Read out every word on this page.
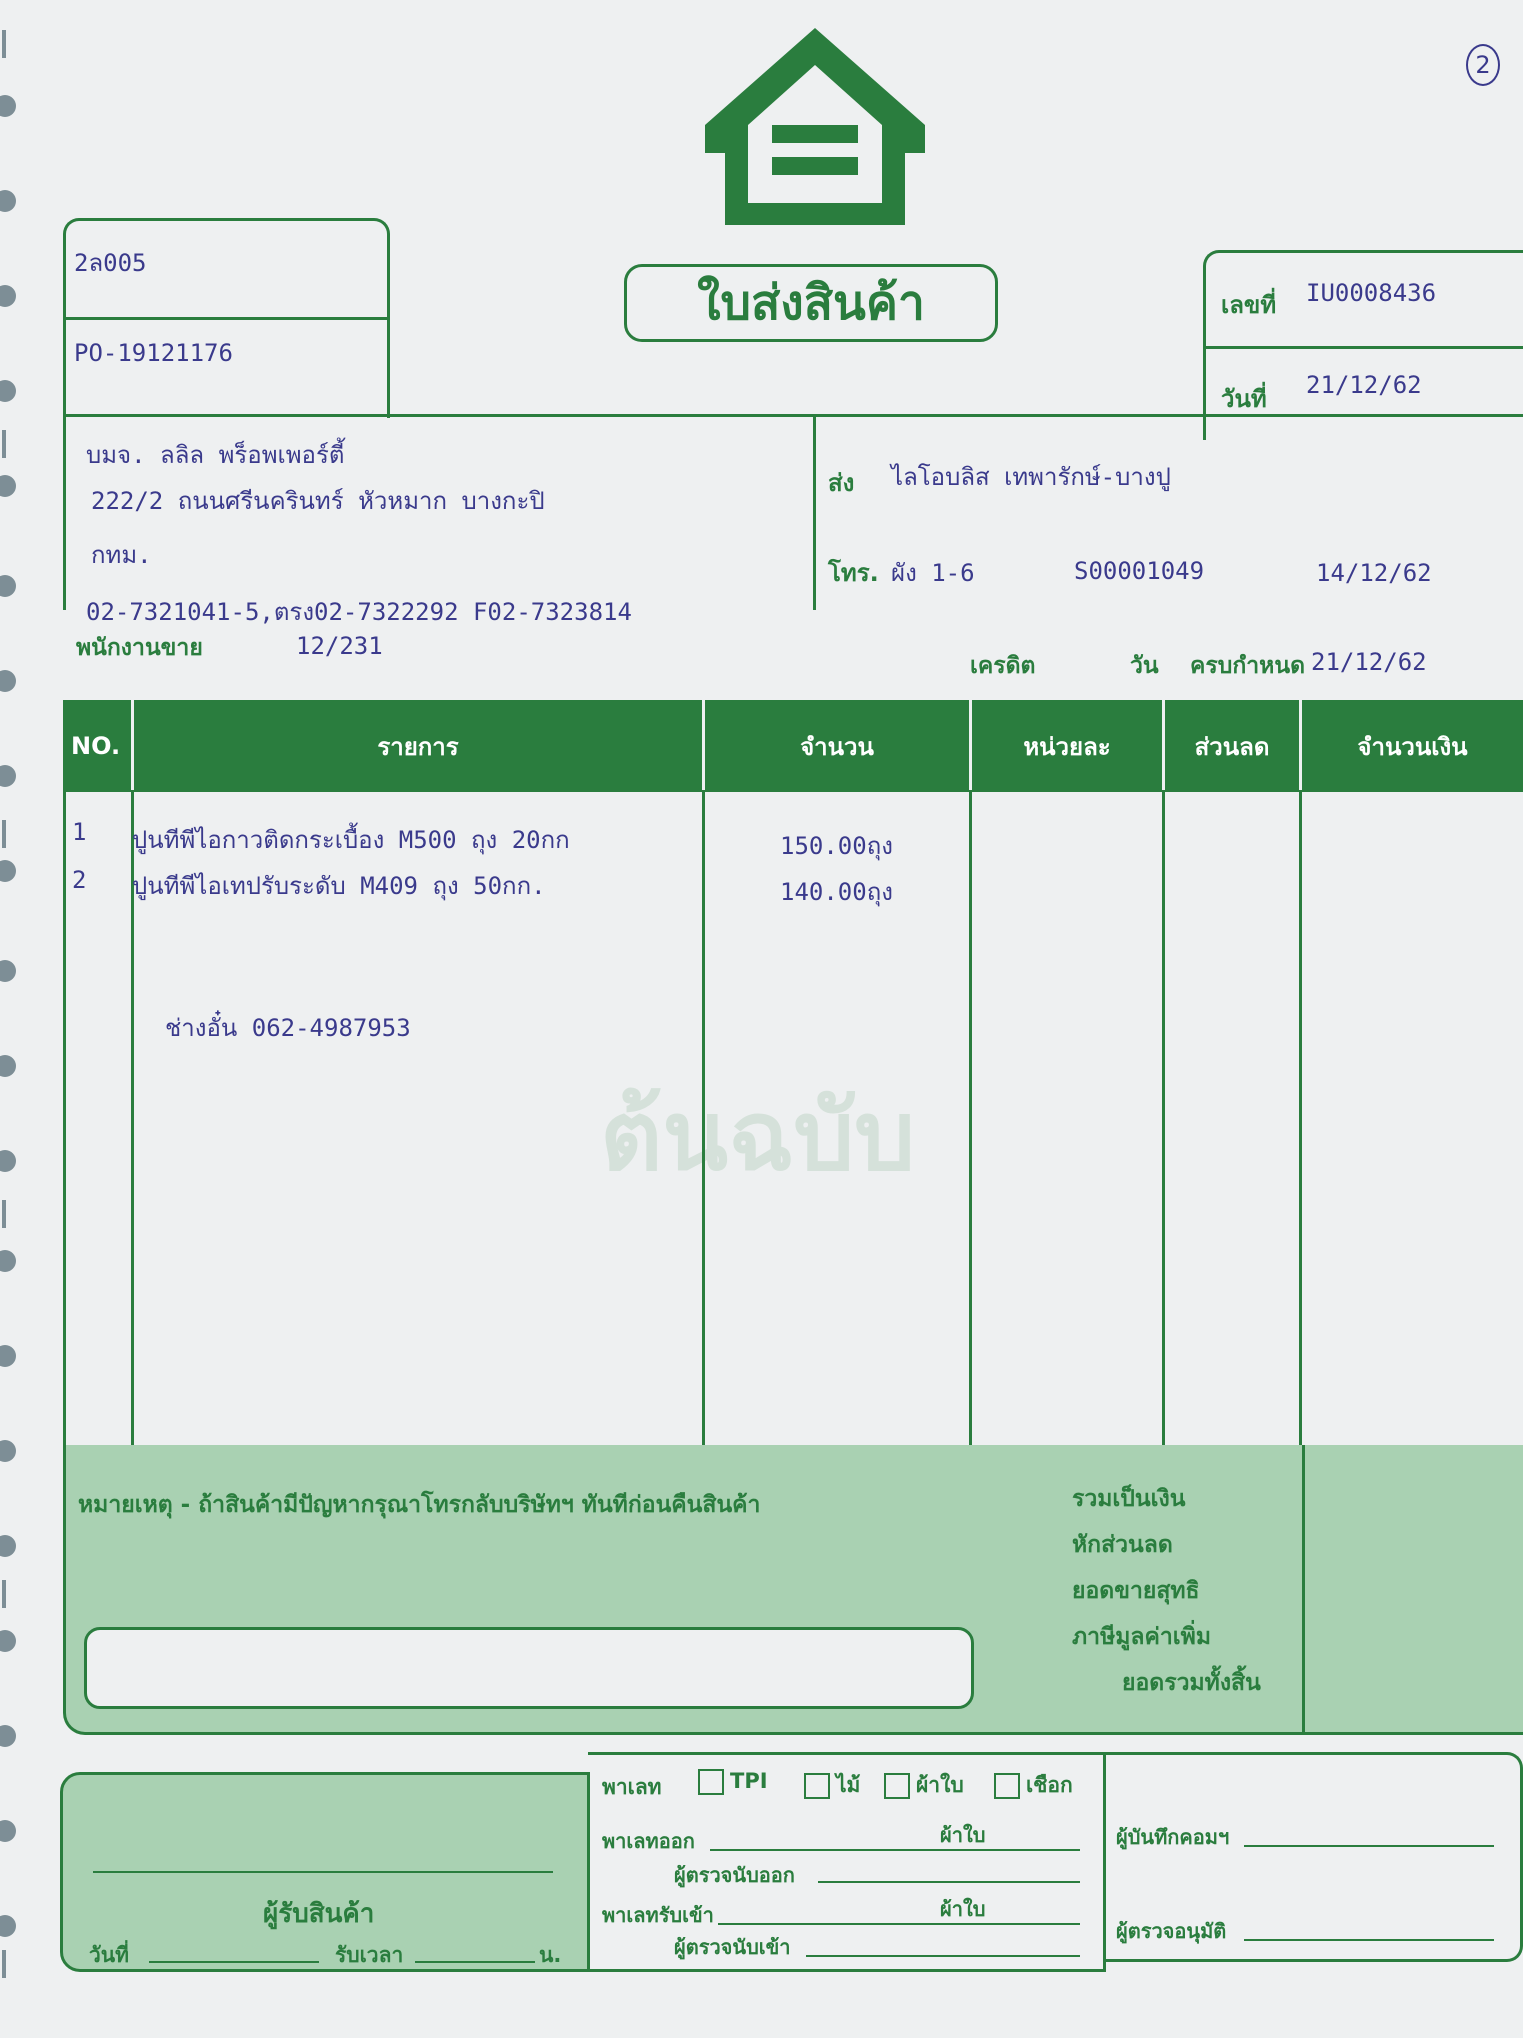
2
ใบส่งสินค้า
2ล005
PO-19121176
เลขที่ IU0008436
วันที่ 21/12/62
บมจ. ลลิล พร็อพเพอร์ตี้
222/2 ถนนศรีนครินทร์ หัวหมาก บางกะปิ
กทม.
ส่ง ไลโอบลิส เทพารักษ์-บางปู
โทร. ผัง 1-6	S00001049	14/12/62
02-7321041-5,ตรง02-7322292 F02-7323814
พนักงานขาย	12/231
เครดิต	วัน ครบกำหนด 21/12/62
NO.	รายการ	จำนวน	หน่วยละ	ส่วนลด	จำนวนเงิน
1 ปูนทีพีไอกาวติดกระเบื้อง M500 ถุง 20กก	150.00ถุง
2 ปูนทีพีไอเทปรับระดับ M409 ถุง 50กก.	140.00ถุง
ช่างอั๋น 062-4987953
ต้นฉบับ
หมายเหตุ - ถ้าสินค้ามีปัญหากรุณาโทรกลับบริษัทฯ ทันทีก่อนคืนสินค้า	รวมเป็นเงิน
หักส่วนลด
ยอดขายสุทธิ
ภาษีมูลค่าเพิ่ม
ยอดรวมทั้งสิ้น
ผู้รับสินค้า
วันที่	รับเวลา	น.
พาเลท	TPI	ไม้	ผ้าใบ	เชือก
พาเลทออก	ผ้าใบ
ผู้ตรวจนับออก
พาเลทรับเข้า	ผ้าใบ
ผู้ตรวจนับเข้า
ผู้บันทึกคอมฯ
ผู้ตรวจอนุมัติ
